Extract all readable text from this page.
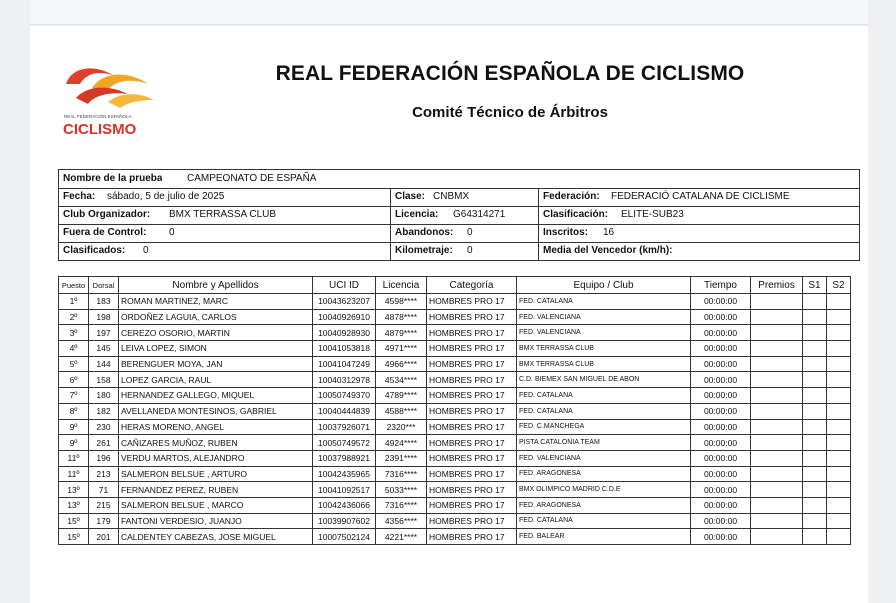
REAL FEDERACIÓN ESPAÑOLA
CICLISMO
REAL FEDERACIÓN ESPAÑOLA DE CICLISMO
Comité Técnico de Árbitros
Nombre de la prueba CAMPEONATO DE ESPAÑA
Fecha: sábado, 5 de julio de 2025	Clase: CNBMX	Federación: FEDERACIÓ CATALANA DE CICLISME
Club Organizador: BMX TERRASSA CLUB	Licencia: G64314271	Clasificación: ELITE-SUB23
Fuera de Control: 0	Abandonos: 0	Inscritos: 16
Clasificados: 0	Kilometraje: 0	Media del Vencedor (km/h):
Puesto	Dorsal	Nombre y Apellidos	UCI ID	Licencia	Categoría	Equipo / Club	Tiempo	Premios	S1	S2
1º	183	ROMAN MARTINEZ, MARC	10043623207	4598****	HOMBRES PRO 17	FED. CATALANA	00:00:00			
2º	198	ORDOÑEZ LAGUIA, CARLOS	10040926910	4878****	HOMBRES PRO 17	FED. VALENCIANA	00:00:00			
3º	197	CEREZO OSORIO, MARTIN	10040928930	4879****	HOMBRES PRO 17	FED. VALENCIANA	00:00:00			
4º	145	LEIVA LOPEZ, SIMON	10041053818	4971****	HOMBRES PRO 17	BMX TERRASSA CLUB	00:00:00			
5º	144	BERENGUER MOYA, JAN	10041047249	4966****	HOMBRES PRO 17	BMX TERRASSA CLUB	00:00:00			
6º	158	LOPEZ GARCIA, RAUL	10040312978	4534****	HOMBRES PRO 17	C.D. BIEMEX SAN MIGUEL DE ABON	00:00:00			
7º	180	HERNANDEZ GALLEGO, MIQUEL	10050749370	4789****	HOMBRES PRO 17	FED. CATALANA	00:00:00			
8º	182	AVELLANEDA MONTESINOS, GABRIEL	10040444839	4588****	HOMBRES PRO 17	FED. CATALANA	00:00:00			
9º	230	HERAS MORENO, ANGEL	10037926071	2320***	HOMBRES PRO 17	FED. C.MANCHEGA	00:00:00			
9º	261	CAÑIZARES MUÑOZ, RUBEN	10050749572	4924****	HOMBRES PRO 17	PISTA CATALONIA TEAM	00:00:00			
11º	196	VERDU MARTOS, ALEJANDRO	10037988921	2391****	HOMBRES PRO 17	FED. VALENCIANA	00:00:00			
11º	213	SALMERON BELSUE , ARTURO	10042435965	7316****	HOMBRES PRO 17	FED. ARAGONESA	00:00:00			
13º	71	FERNANDEZ PEREZ, RUBEN	10041092517	5033****	HOMBRES PRO 17	BMX OLIMPICO MADRID C.D.E	00:00:00			
13º	215	SALMERON BELSUE , MARCO	10042436066	7316****	HOMBRES PRO 17	FED. ARAGONESA	00:00:00			
15º	179	FANTONI VERDESIO, JUANJO	10039907602	4356****	HOMBRES PRO 17	FED. CATALANA	00:00:00			
15º	201	CALDENTEY CABEZAS, JOSE MIGUEL	10007502124	4221****	HOMBRES PRO 17	FED. BALEAR	00:00:00			
